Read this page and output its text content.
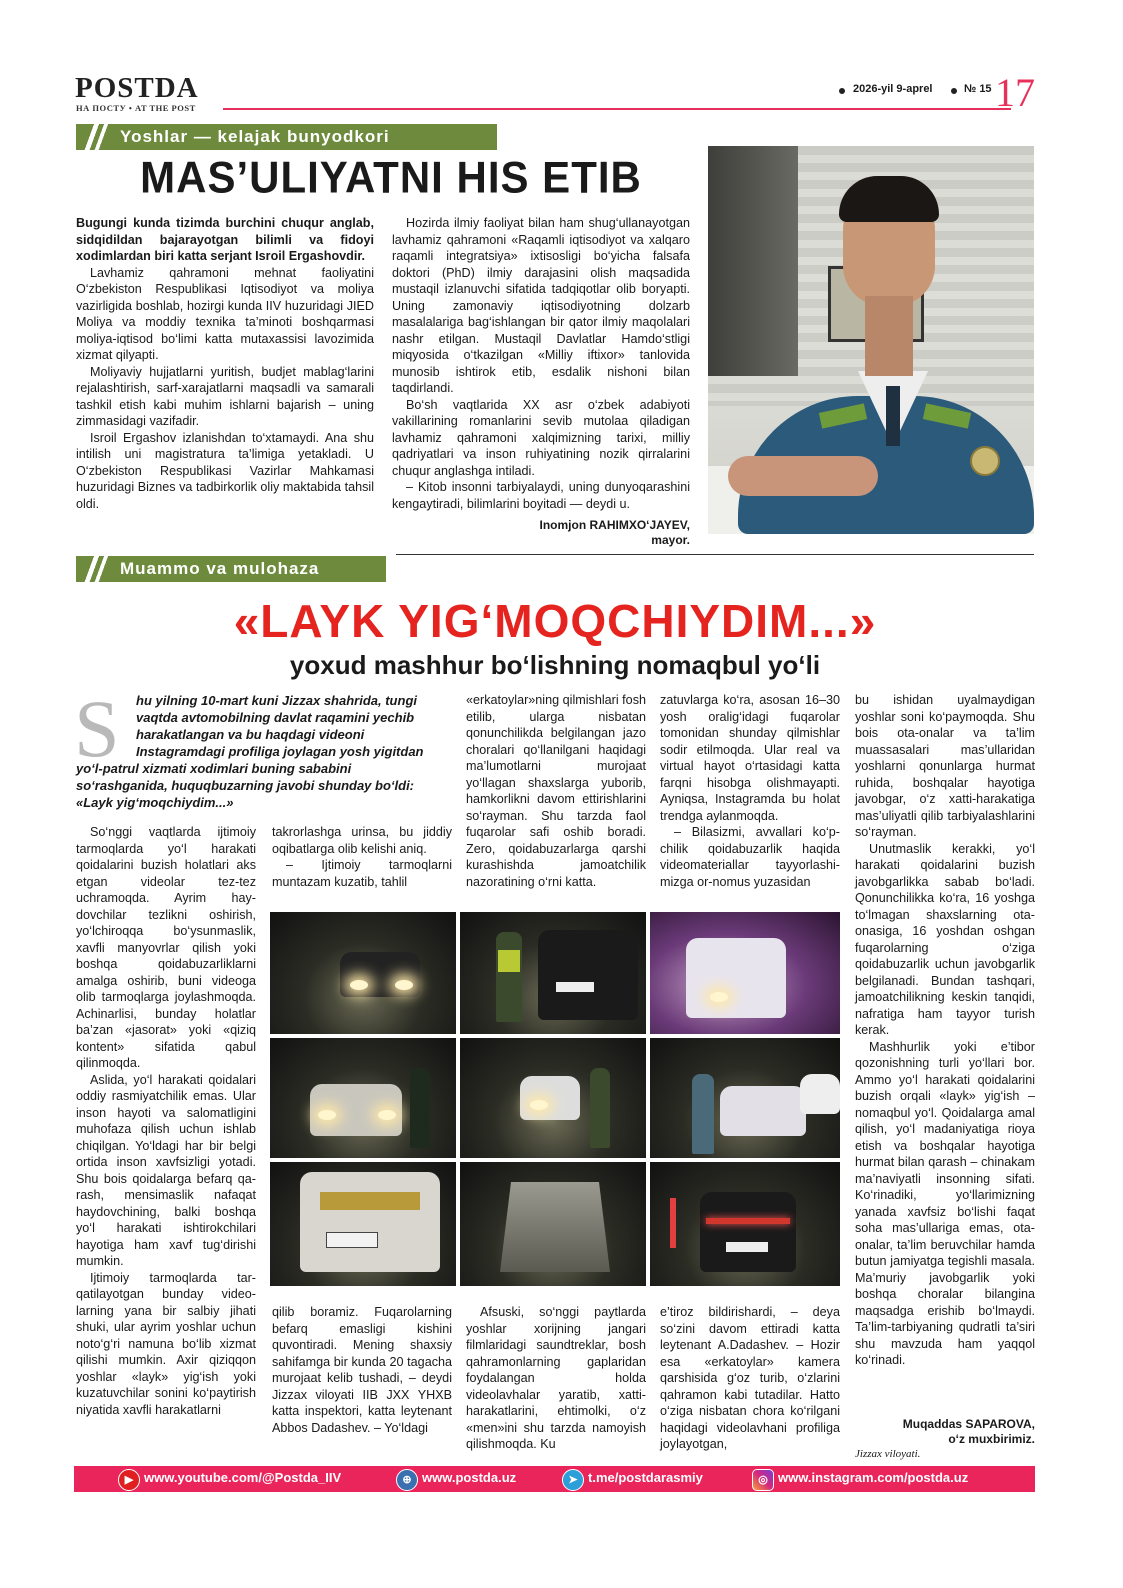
POSTDA
НА ПОСТУ • AT THE POST
2026-yil 9-aprel	№ 15 17
Yoshlar — kelajak bunyodkori
MAS’ULIYATNI HIS ETIB

Bugungi kunda tizimda burchini chuqur anglab, sidqidildan bajarayotgan bilimli va fidoyi xodimlardan biri katta serjant Isroil Ergashovdir.

Lavhamiz qahramoni mehnat faoliyatini O‘zbekiston Respublikasi Iqtisodiyot va moliya vazirligida boshlab, hozirgi kunda IIV huzuridagi JIED Moliya va moddiy texnika ta’minoti boshqarmasi moliya-iqtisod bo‘limi katta mutaxassisi lavozimida xizmat qilyapti.

Moliyaviy hujjatlarni yuritish, budjet mablag‘larini rejalashtirish, sarf-xarajatlarni maqsadli va samarali tashkil etish kabi muhim ishlarni bajarish – uning zimmasidagi vazifadir.

Isroil Ergashov izlanishdan to‘xtamaydi. Ana shu intilish uni magistratura ta’limiga yetakladi. U O‘zbekiston Respublikasi Vazirlar Mahkamasi huzuridagi Biznes va tadbirkorlik oliy maktabida tahsil oldi.

Hozirda ilmiy faoliyat bilan ham shug‘ullanayotgan lavhamiz qahramoni «Raqamli iqtisodiyot va xalqaro raqamli integratsiya» ixtisosligi bo‘yicha falsafa doktori (PhD) ilmiy darajasini olish maqsadida mustaqil izlanuvchi sifatida tadqiqotlar olib boryapti. Uning zamonaviy iqtisodiyotning dolzarb masalalariga bag‘ishlangan bir qator ilmiy maqolalari nashr etilgan. Mustaqil Davlatlar Hamdo‘stligi miqyosida o‘tkazilgan «Milliy iftixor» tanlovida munosib ishtirok etib, esdalik nishoni bilan taqdirlandi.

Bo‘sh vaqtlarida XX asr o‘zbek adabiyoti vakillarining romanlarini sevib mutolaa qiladigan lavhamiz qahramoni xalqimizning tarixi, milliy qadriyatlari va inson ruhiyatining nozik qirralarini chuqur anglashga intiladi.

– Kitob insonni tarbiyalaydi, uning dunyoqarashini kengaytiradi, bilimlarini boyitadi — deydi u.

Inomjon RAHIMXO‘JAYEV,
mayor.
Muammo va mulohaza
«LAYK YIG‘MOQCHIYDIM...»
yoxud mashhur bo‘lishning nomaqbul yo‘li
S	hu yilning 10-mart kuni Jizzax shahrida, tungi vaqtda avtomobilning davlat raqamini yechib harakatlangan va bu haqdagi videoni Instagramdagi profiliga joylagan yosh yigitdan yo‘l-patrul xizmati xodimlari buning sababini so‘rashganida, huquqbuzarning javobi shunday bo‘ldi: «Layk yig‘moqchiydim...»

So‘nggi vaqtlarda ijtimoiy tarmoqlarda yo‘l harakati qoidalarini buzish holatlari aks etgan videolar tez-tez uchramoqda. Ayrim haydovchilar tezlikni oshirish, yo‘lchiroqqa bo‘ysunmaslik, xavfli manyovrlar qilish yoki boshqa qoidabuzarliklarni amalga oshirib, buni videoga olib tarmoqlarga joylashmoqda. Achinarlisi, bunday holatlar ba’zan «jasorat» yoki «qiziq kontent» sifatida qabul qilinmoqda.

Aslida, yo‘l harakati qoidalari oddiy rasmiyatchilik emas. Ular inson hayoti va salomatligini muhofaza qilish uchun ishlab chiqilgan. Yo‘ldagi har bir belgi ortida inson xavfsizligi yotadi. Shu bois qoidalarga befarq qarash, mensimaslik nafaqat haydovchining, balki boshqa yo‘l harakati ishtirokchilari hayotiga ham xavf tug‘dirishi mumkin.

Ijtimoiy tarmoqlarda tarqatilayotgan bunday videolarning yana bir salbiy jihati shuki, ular ayrim yoshlar uchun noto‘g‘ri namuna bo‘lib xizmat qilishi mumkin. Axir qiziqqon yoshlar «layk» yig‘ish yoki kuzatuvchilar sonini ko‘paytirish niyatida xavfli harakatlarni

takrorlashga urinsa, bu jiddiy oqibatlarga olib kelishi aniq.

– Ijtimoiy tarmoqlarni muntazam kuzatib, tahlil

«erkatoylar»ning qilmishlari fosh etilib, ularga nisbatan qonunchilikda belgilangan jazo choralari qo‘llanilgani haqidagi ma’lumotlarni murojaat yo‘llagan shaxslarga yuborib, hamkorlikni davom ettirishlarini so‘rayman. Shu tarzda faol fuqarolar safi oshib boradi. Zero, qoidabuzarlarga qarshi kurashishda jamoatchilik nazoratining o‘rni katta.

zatuvlarga ko‘ra, asosan 16–30 yosh oralig‘idagi fuqarolar tomonidan shunday qilmishlar sodir etilmoqda. Ular real va virtual hayot o‘rtasidagi katta farqni hisobga olishmayapti. Ayniqsa, Instagramda bu holat trendga aylanmoqda.

– Bilasizmi, avvallari ko‘pchilik qoidabuzarlik haqida videomateriallar tayyorlashimizga or-nomus yuzasidan

bu ishidan uyalmaydigan yoshlar soni ko‘paymoqda. Shu bois ota-onalar va ta’lim muassasalari mas’ullaridan yoshlarni qonunlarga hurmat ruhida, boshqalar hayotiga javobgar, o‘z xatti-harakatiga mas’uliyatli qilib tarbiyalashlarini so‘rayman.

Unutmaslik kerakki, yo‘l harakati qoidalarini buzish javobgarlikka sabab bo‘ladi. Qonunchilikka ko‘ra, 16 yoshga to‘lmagan shaxslarning ota-onasiga, 16 yoshdan oshgan fuqarolarning o‘ziga qoidabuzarlik uchun javobgarlik belgilanadi. Bundan tashqari, jamoatchilikning keskin tanqidi, nafratiga ham tayyor turish kerak.

Mashhurlik yoki e’tibor qozonishning turli yo‘llari bor. Ammo yo‘l harakati qoidalarini buzish orqali «layk» yig‘ish – nomaqbul yo‘l. Qoidalarga amal qilish, yo‘l madaniyatiga rioya etish va boshqalar hayotiga hurmat bilan qarash – chinakam ma’naviyatli insonning sifati. Ko‘rinadiki, yo‘llarimizning yanada xavfsiz bo‘lishi faqat soha mas’ullariga emas, ota-onalar, ta’lim beruvchilar hamda butun jamiyatga tegishli masala. Ma’muriy javobgarlik yoki boshqa choralar bilangina maqsadga erishib bo‘lmaydi. Ta’lim-tarbiyaning qudratli ta’siri shu mavzuda ham yaqqol ko‘rinadi.

qilib boramiz. Fuqarolarning befarq emasligi kishini quvontiradi. Mening shaxsiy sahifamga bir kunda 20 tagacha murojaat kelib tushadi, – deydi Jizzax viloyati IIB JXX YHXB katta inspektori, katta leytenant Abbos Dadashev. – Yo‘ldagi

Afsuski, so‘nggi paytlarda yoshlar xorijning jangari filmlaridagi saundtreklar, bosh qahramonlarning gaplaridan foydalangan holda videolavhalar yaratib, xatti-harakatlarini, ehtimolki, o‘z «men»ini shu tarzda namoyish qilishmoqda. Ku

e’tiroz bildirishardi, – deya so‘zini davom ettiradi katta leytenant A.Dadashev. – Hozir esa «erkatoylar» kamera qarshisida g‘oz turib, o‘zlarini qahramon kabi tutadilar. Hatto o‘ziga nisbatan chora ko‘rilgani haqidagi videolavhani profiliga joylayotgan,

Muqaddas SAPAROVA,
o‘z muxbirimiz.
Jizzax viloyati.
▶ www.youtube.com/@Postda_IIV	⊕ www.postda.uz	➤ t.me/postdarasmiy	◎ www.instagram.com/postda.uz
